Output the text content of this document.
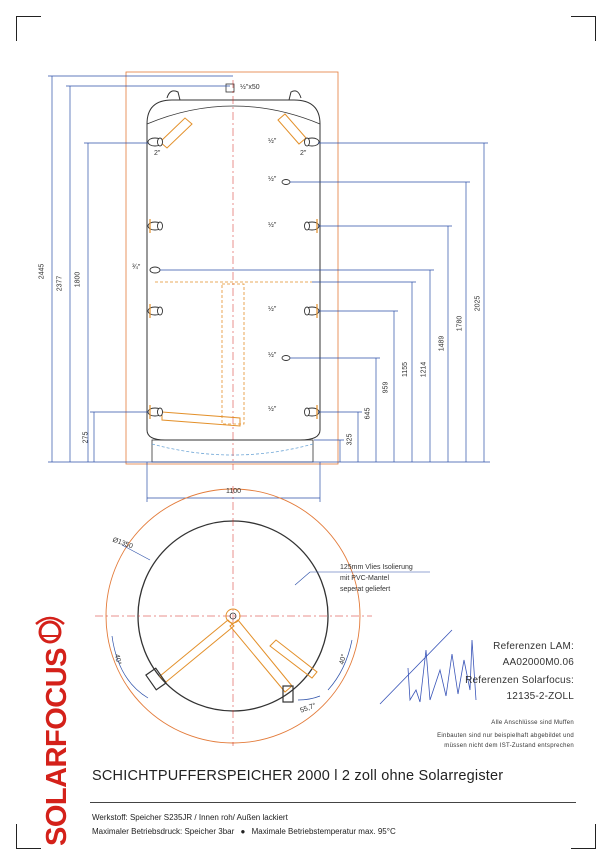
½"x50
2445
2377 1800
275
2025
1780
1489
1214
1155
959
645
325
1100
Ø1350
2"	2"
½"
½"
½"
¾"
½"
½"
½"
125mm Vlies Isolierung
mit PVC-Mantel
seperat geliefert
40°	40°
55,7°
SOLARFOCUS
Referenzen LAM:
AA02000M0.06
Referenzen Solarfocus:
12135-2-ZOLL
Alle Anschlüsse sind Muffen
Einbauten sind nur beispielhaft abgebildet und
müssen nicht dem IST-Zustand entsprechen
SCHICHTPUFFERSPEICHER 2000 l 2 zoll ohne Solarregister
Werkstoff: Speicher S235JR / Innen roh/ Außen lackiert
Maximaler Betriebsdruck: Speicher 3bar ● Maximale Betriebstemperatur max. 95°C
